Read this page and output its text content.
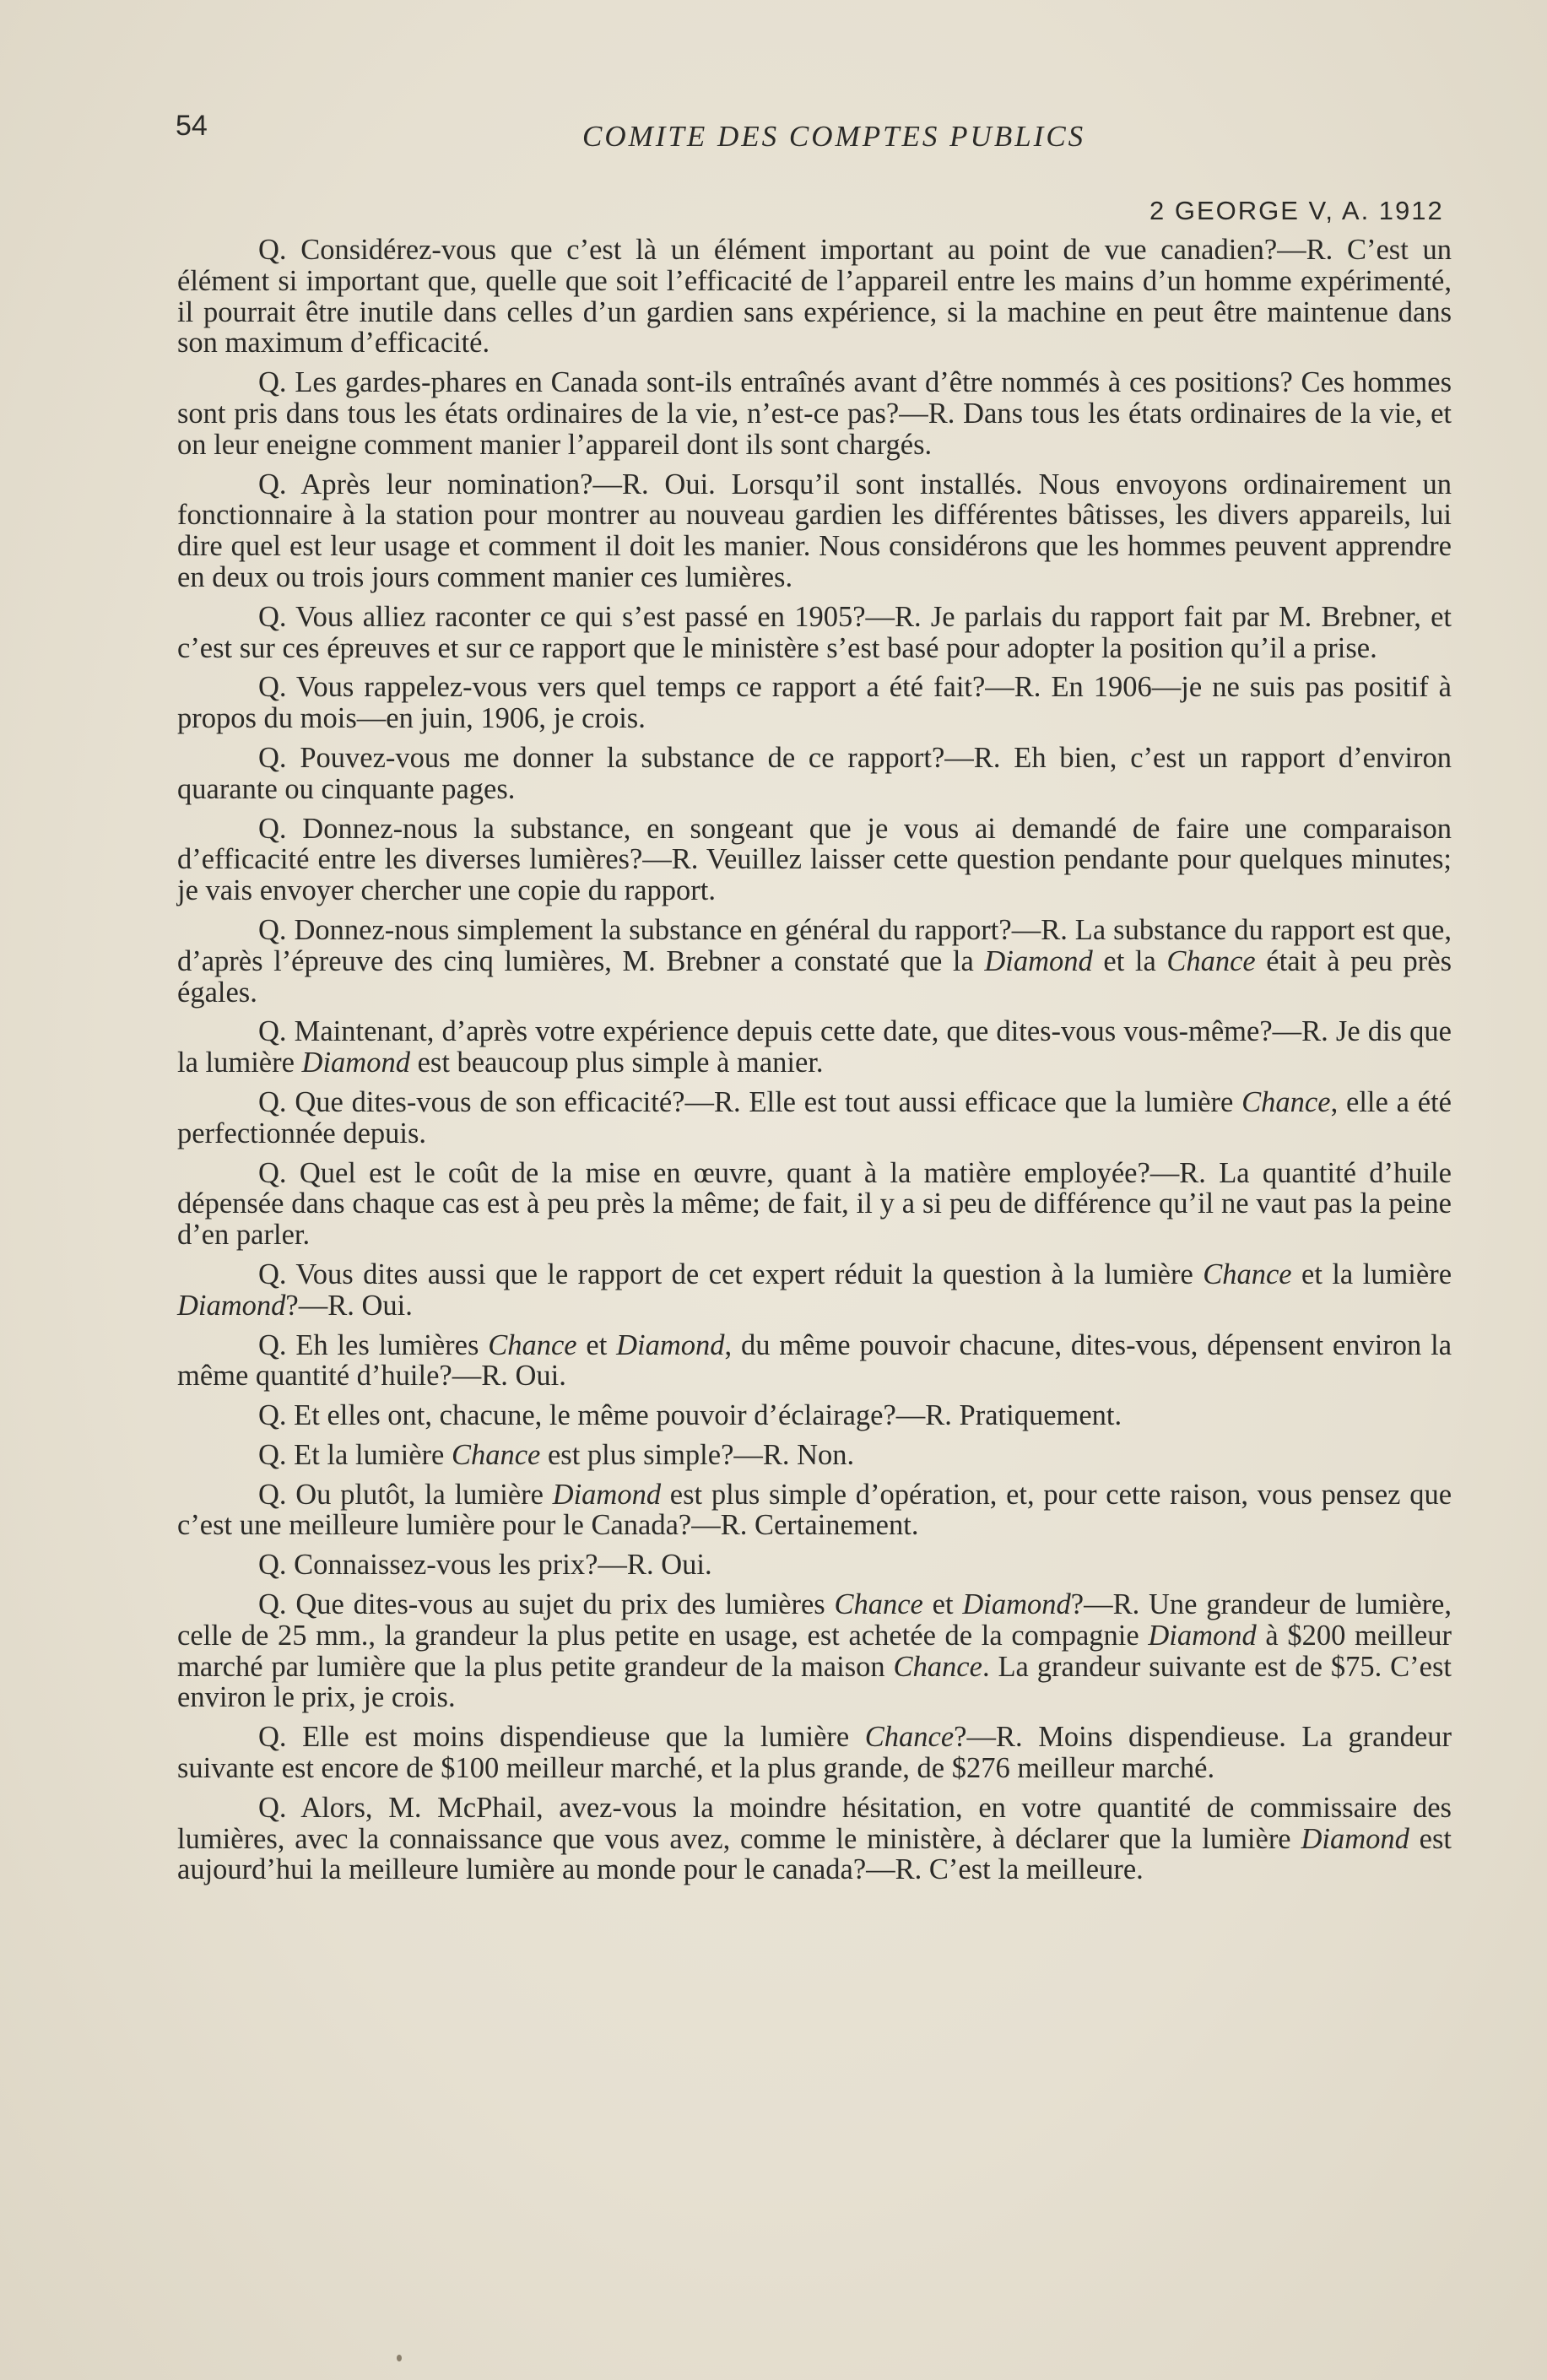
54	COMITE DES COMPTES PUBLICS
2 GEORGE V, A. 1912

Q. Considérez-vous que c’est là un élément important au point de vue canadien?—R. C’est un élément si important que, quelle que soit l’efficacité de l’appareil entre les mains d’un homme expérimenté, il pourrait être inutile dans celles d’un gardien sans expérience, si la machine en peut être maintenue dans son maximum d’efficacité.

Q. Les gardes-phares en Canada sont-ils entraînés avant d’être nommés à ces positions? Ces hommes sont pris dans tous les états ordinaires de la vie, n’est-ce pas?—R. Dans tous les états ordinaires de la vie, et on leur eneigne comment manier l’appareil dont ils sont chargés.

Q. Après leur nomination?—R. Oui. Lorsqu’il sont installés. Nous envoyons ordinairement un fonctionnaire à la station pour montrer au nouveau gardien les différentes bâtisses, les divers appareils, lui dire quel est leur usage et comment il doit les manier. Nous considérons que les hommes peuvent apprendre en deux ou trois jours comment manier ces lumières.

Q. Vous alliez raconter ce qui s’est passé en 1905?—R. Je parlais du rapport fait par M. Brebner, et c’est sur ces épreuves et sur ce rapport que le ministère s’est basé pour adopter la position qu’il a prise.

Q. Vous rappelez-vous vers quel temps ce rapport a été fait?—R. En 1906—je ne suis pas positif à propos du mois—en juin, 1906, je crois.

Q. Pouvez-vous me donner la substance de ce rapport?—R. Eh bien, c’est un rapport d’environ quarante ou cinquante pages.

Q. Donnez-nous la substance, en songeant que je vous ai demandé de faire une comparaison d’efficacité entre les diverses lumières?—R. Veuillez laisser cette question pendante pour quelques minutes; je vais envoyer chercher une copie du rapport.

Q. Donnez-nous simplement la substance en général du rapport?—R. La substance du rapport est que, d’après l’épreuve des cinq lumières, M. Brebner a constaté que la Diamond et la Chance était à peu près égales.

Q. Maintenant, d’après votre expérience depuis cette date, que dites-vous vous-même?—R. Je dis que la lumière Diamond est beaucoup plus simple à manier.

Q. Que dites-vous de son efficacité?—R. Elle est tout aussi efficace que la lumière Chance, elle a été perfectionnée depuis.

Q. Quel est le coût de la mise en œuvre, quant à la matière employée?—R. La quantité d’huile dépensée dans chaque cas est à peu près la même; de fait, il y a si peu de différence qu’il ne vaut pas la peine d’en parler.

Q. Vous dites aussi que le rapport de cet expert réduit la question à la lumière Chance et la lumière Diamond?—R. Oui.

Q. Eh les lumières Chance et Diamond, du même pouvoir chacune, dites-vous, dépensent environ la même quantité d’huile?—R. Oui.

Q. Et elles ont, chacune, le même pouvoir d’éclairage?—R. Pratiquement.

Q. Et la lumière Chance est plus simple?—R. Non.

Q. Ou plutôt, la lumière Diamond est plus simple d’opération, et, pour cette raison, vous pensez que c’est une meilleure lumière pour le Canada?—R. Certainement.

Q. Connaissez-vous les prix?—R. Oui.

Q. Que dites-vous au sujet du prix des lumières Chance et Diamond?—R. Une grandeur de lumière, celle de 25 mm., la grandeur la plus petite en usage, est achetée de la compagnie Diamond à $200 meilleur marché par lumière que la plus petite grandeur de la maison Chance. La grandeur suivante est de $75. C’est environ le prix, je crois.

Q. Elle est moins dispendieuse que la lumière Chance?—R. Moins dispendieuse. La grandeur suivante est encore de $100 meilleur marché, et la plus grande, de $276 meilleur marché.

Q. Alors, M. McPhail, avez-vous la moindre hésitation, en votre quantité de commissaire des lumières, avec la connaissance que vous avez, comme le ministère, à déclarer que la lumière Diamond est aujourd’hui la meilleure lumière au monde pour le canada?—R. C’est la meilleure.
